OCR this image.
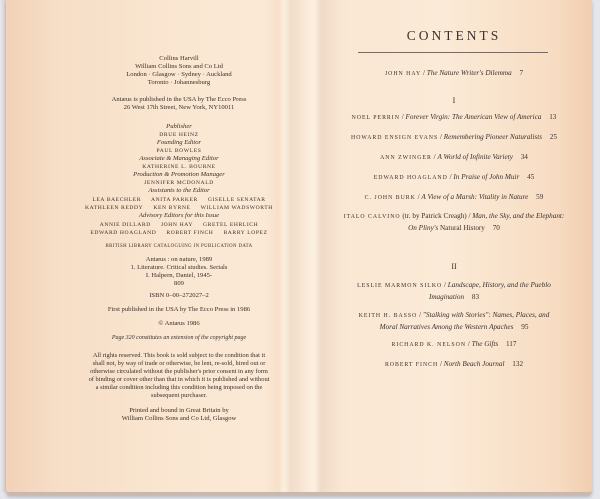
Collins Harvill
William Collins Sons and Co Ltd
London · Glasgow · Sydney · Auckland
Toronto · Johannesburg
Antæus is published in the USA by The Ecco Press
26 West 17th Street, New York, NY10011
Publisher
DRUE HEINZ
Founding Editor
PAUL BOWLES
Associate & Managing Editor
KATHERINE L. BOURNE
Production & Promotion Manager
JENNIFER MCDONALD
Assistants to the Editor
LEA BAECHLER ANITA PARKER GISELLE SENATAR
KATHLEEN REDDY KEN BYRNE WILLIAM WADSWORTH
Advisory Editors for this Issue
ANNIE DILLARD JOHN HAY GRETEL EHRLICH
EDWARD HOAGLAND ROBERT FINCH BARRY LOPEZ
BRITISH LIBRARY CATALOGUING IN PUBLICATION DATA
Antæus : on nature, 1989
1. Literature. Critical studies. Serials
I. Halpern, Daniel, 1945-
809
ISBN 0–00–272027–2
First published in the USA by The Ecco Press in 1986
© Antæus 1986
Page 320 constitutes an extension of the copyright page
All rights reserved. This book is sold subject to the condition that it
shall not, by way of trade or otherwise, be lent, re-sold, hired out or
otherwise circulated without the publisher's prior consent in any form
of binding or cover other than that in which it is published and without
a similar condition including this condition being imposed on the
subsequent purchaser.
Printed and bound in Great Britain by
William Collins Sons and Co Ltd, Glasgow
CONTENTS
JOHN HAY / The Nature Writer's Dilemma 7
I
NOEL PERRIN / Forever Virgin: The American View of America 13
HOWARD ENSIGN EVANS / Remembering Pioneer Naturalists 25
ANN ZWINGER / A World of Infinite Variety 34
EDWARD HOAGLAND / In Praise of John Muir 45
C. JOHN BURK / A View of a Marsh: Vitality in Nature 59
ITALO CALVINO (tr. by Patrick Creagh) / Man, the Sky, and the Elephant:
On Pliny's Natural History 70
II
LESLIE MARMON SILKO / Landscape, History, and the Pueblo
Imagination 83
KEITH H. BASSO / "Stalking with Stories": Names, Places, and
Moral Narratives Among the Western Apaches 95
RICHARD K. NELSON / The Gifts 117
ROBERT FINCH / North Beach Journal 132
